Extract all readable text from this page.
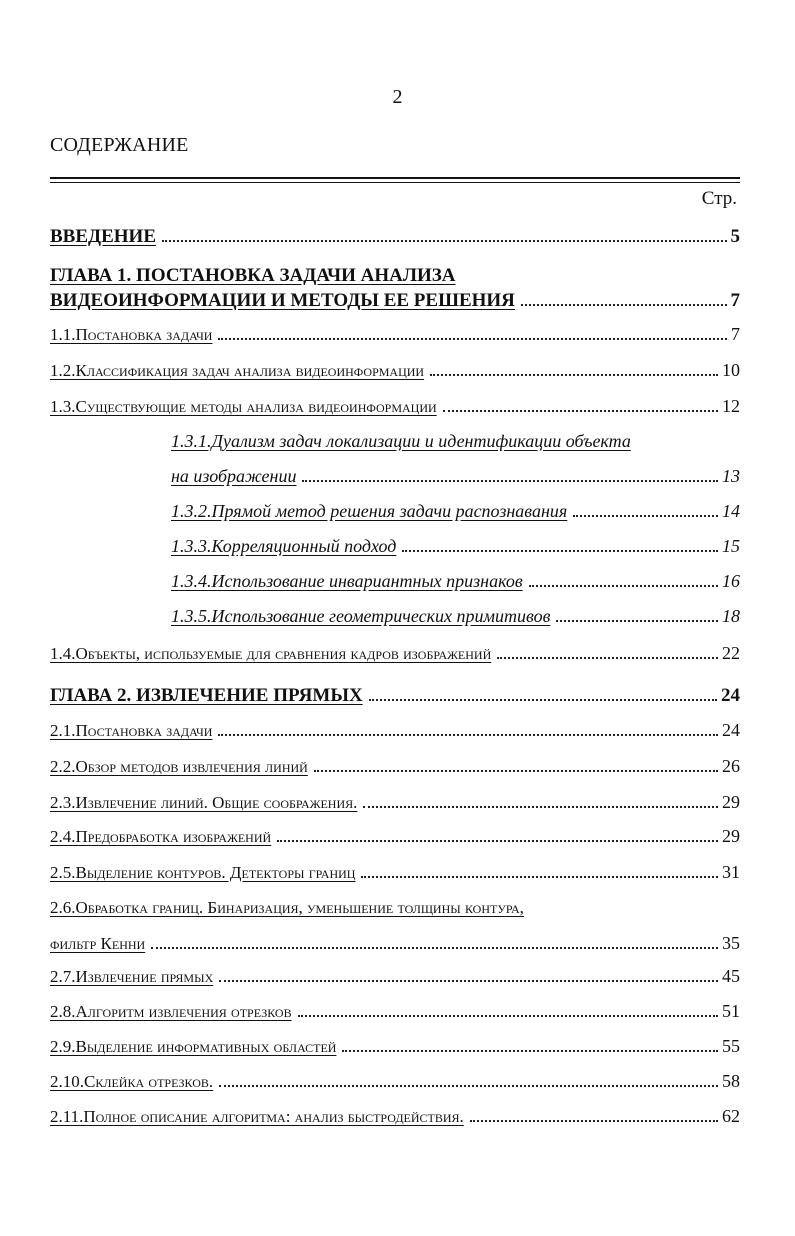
2
СОДЕРЖАНИЕ
Стр.
ВВЕДЕНИЕ	5
ГЛАВА 1. ПОСТАНОВКА ЗАДАЧИ АНАЛИЗА
ВИДЕОИНФОРМАЦИИ И МЕТОДЫ ЕЕ РЕШЕНИЯ	7
1.1.Постановка задачи	7
1.2.Классификация задач анализа видеоинформации	10
1.3.Существующие методы анализа видеоинформации	12
1.3.1.Дуализм задач локализации и идентификации объекта
на изображении	13
1.3.2.Прямой метод решения задачи распознавания	14
1.3.3.Корреляционный подход	15
1.3.4.Использование инвариантных признаков	16
1.3.5.Использование геометрических примитивов	18
1.4.Объекты, используемые для сравнения кадров изображений	22
ГЛАВА 2. ИЗВЛЕЧЕНИЕ ПРЯМЫХ	24
2.1.Постановка задачи	24
2.2.Обзор методов извлечения линий	26
2.3.Извлечение линий. Общие соображения.	29
2.4.Предобработка изображений	29
2.5.Выделение контуров. Детекторы границ	31
2.6.Обработка границ. Бинаризация, уменьшение толщины контура,
фильтр Кенни	35
2.7.Извлечение прямых	45
2.8.Алгоритм извлечения отрезков	51
2.9.Выделение информативных областей	55
2.10.Склейка отрезков.	58
2.11.Полное описание алгоритма: анализ быстродействия.	62
